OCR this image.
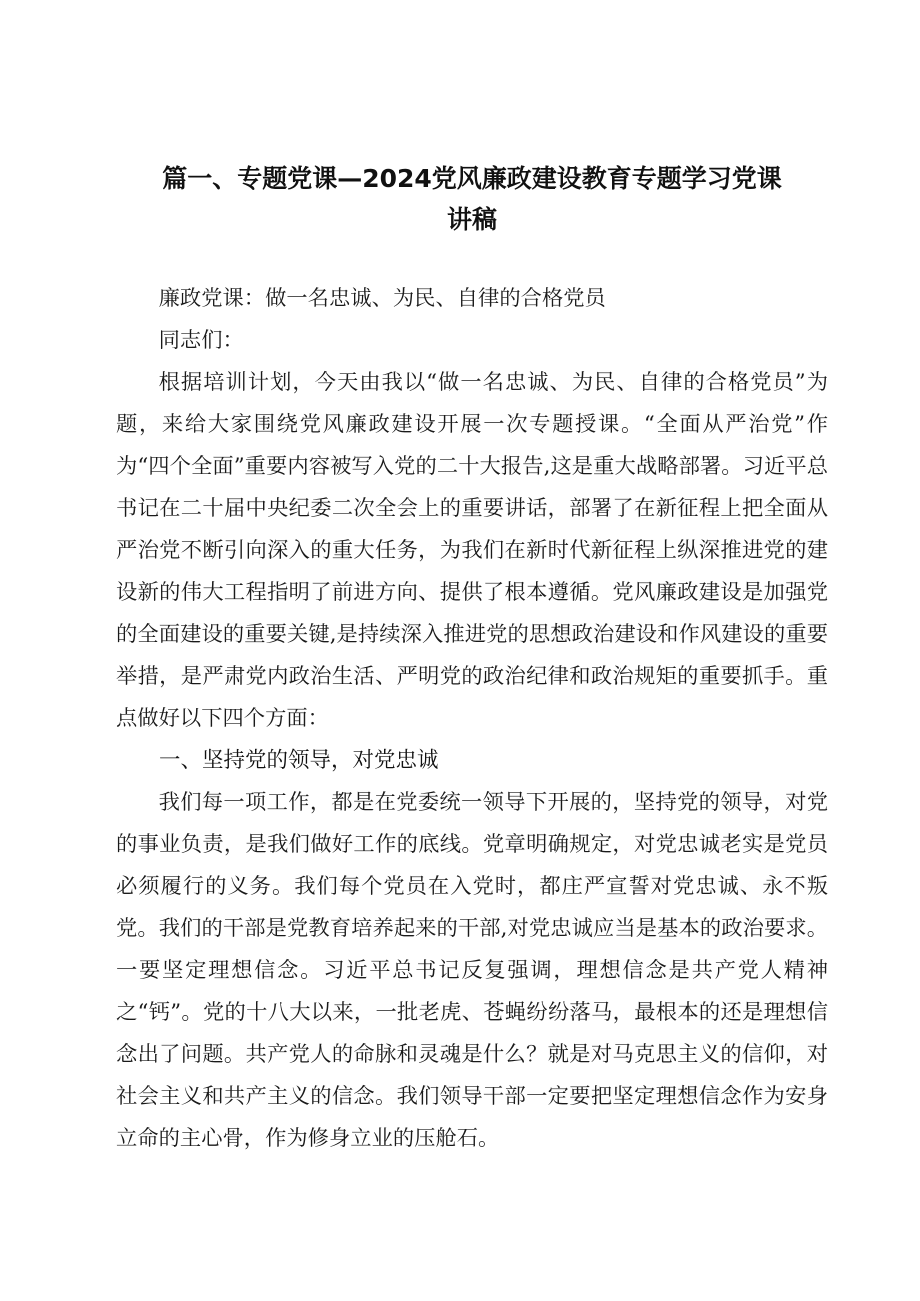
篇一、专题党课—2024党风廉政建设教育专题学习党课
讲稿

廉政党课：做一名忠诚、为民、自律的合格党员

同志们：

根据培训计划，今天由我以“做一名忠诚、为民、自律的合格党员”为题，来给大家围绕党风廉政建设开展一次专题授课。“全面从严治党”作为“四个全面”重要内容被写入党的二十大报告,这是重大战略部署。习近平总书记在二十届中央纪委二次全会上的重要讲话，部署了在新征程上把全面从严治党不断引向深入的重大任务，为我们在新时代新征程上纵深推进党的建设新的伟大工程指明了前进方向、提供了根本遵循。党风廉政建设是加强党的全面建设的重要关键,是持续深入推进党的思想政治建设和作风建设的重要举措，是严肃党内政治生活、严明党的政治纪律和政治规矩的重要抓手。重点做好以下四个方面：

一、坚持党的领导，对党忠诚

我们每一项工作，都是在党委统一领导下开展的，坚持党的领导，对党的事业负责，是我们做好工作的底线。党章明确规定，对党忠诚老实是党员必须履行的义务。我们每个党员在入党时，都庄严宣誓对党忠诚、永不叛党。我们的干部是党教育培养起来的干部,对党忠诚应当是基本的政治要求。一要坚定理想信念。习近平总书记反复强调，理想信念是共产党人精神之“钙”。党的十八大以来，一批老虎、苍蝇纷纷落马，最根本的还是理想信念出了问题。共产党人的命脉和灵魂是什么？就是对马克思主义的信仰，对社会主义和共产主义的信念。我们领导干部一定要把坚定理想信念作为安身立命的主心骨，作为修身立业的压舱石。
